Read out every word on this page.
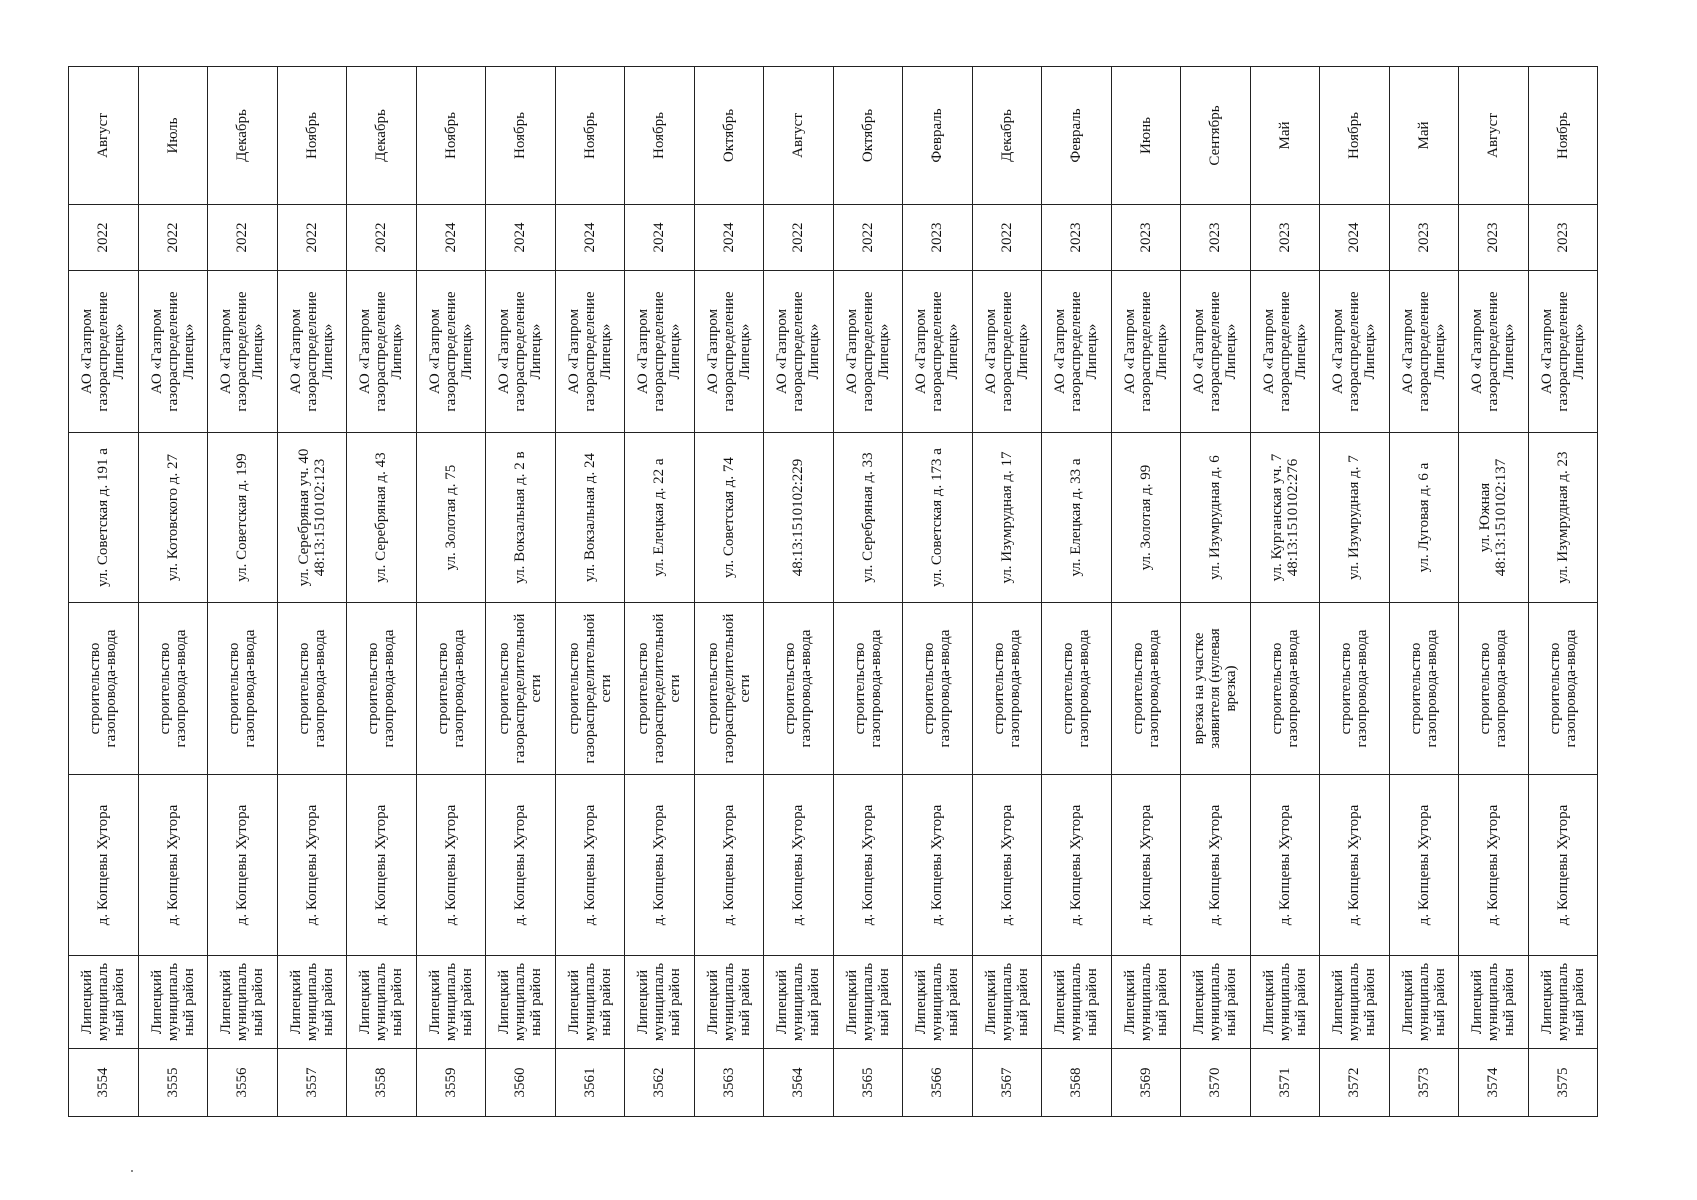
3554	Липецкий муниципальный район	д. Копцевы Хутора	строительство газопровода-ввода	ул. Советская д. 191 а	АО «Газпром газораспределение Липецк»	2022	Август
3555	Липецкий муниципальный район	д. Копцевы Хутора	строительство газопровода-ввода	ул. Котовского д. 27	АО «Газпром газораспределение Липецк»	2022	Июль
3556	Липецкий муниципальный район	д. Копцевы Хутора	строительство газопровода-ввода	ул. Советская д. 199	АО «Газпром газораспределение Липецк»	2022	Декабрь
3557	Липецкий муниципальный район	д. Копцевы Хутора	строительство газопровода-ввода	ул. Серебряная уч. 40 48:13:1510102:123	АО «Газпром газораспределение Липецк»	2022	Ноябрь
3558	Липецкий муниципальный район	д. Копцевы Хутора	строительство газопровода-ввода	ул. Серебряная д. 43	АО «Газпром газораспределение Липецк»	2022	Декабрь
3559	Липецкий муниципальный район	д. Копцевы Хутора	строительство газопровода-ввода	ул. Золотая д. 75	АО «Газпром газораспределение Липецк»	2024	Ноябрь
3560	Липецкий муниципальный район	д. Копцевы Хутора	строительство газораспределительной сети	ул. Вокзальная д. 2 в	АО «Газпром газораспределение Липецк»	2024	Ноябрь
3561	Липецкий муниципальный район	д. Копцевы Хутора	строительство газораспределительной сети	ул. Вокзальная д. 24	АО «Газпром газораспределение Липецк»	2024	Ноябрь
3562	Липецкий муниципальный район	д. Копцевы Хутора	строительство газораспределительной сети	ул. Елецкая д. 22 а	АО «Газпром газораспределение Липецк»	2024	Ноябрь
3563	Липецкий муниципальный район	д. Копцевы Хутора	строительство газораспределительной сети	ул. Советская д. 74	АО «Газпром газораспределение Липецк»	2024	Октябрь
3564	Липецкий муниципальный район	д. Копцевы Хутора	строительство газопровода-ввода	48:13:1510102:229	АО «Газпром газораспределение Липецк»	2022	Август
3565	Липецкий муниципальный район	д. Копцевы Хутора	строительство газопровода-ввода	ул. Серебряная д. 33	АО «Газпром газораспределение Липецк»	2022	Октябрь
3566	Липецкий муниципальный район	д. Копцевы Хутора	строительство газопровода-ввода	ул. Советская д. 173 а	АО «Газпром газораспределение Липецк»	2023	Февраль
3567	Липецкий муниципальный район	д. Копцевы Хутора	строительство газопровода-ввода	ул. Изумрудная д. 17	АО «Газпром газораспределение Липецк»	2022	Декабрь
3568	Липецкий муниципальный район	д. Копцевы Хутора	строительство газопровода-ввода	ул. Елецкая д. 33 а	АО «Газпром газораспределение Липецк»	2023	Февраль
3569	Липецкий муниципальный район	д. Копцевы Хутора	строительство газопровода-ввода	ул. Золотая д. 99	АО «Газпром газораспределение Липецк»	2023	Июнь
3570	Липецкий муниципальный район	д. Копцевы Хутора	врезка на участке заявителя (нулевая врезка)	ул. Изумрудная д. 6	АО «Газпром газораспределение Липецк»	2023	Сентябрь
3571	Липецкий муниципальный район	д. Копцевы Хутора	строительство газопровода-ввода	ул. Курганская уч. 7 48:13:1510102:276	АО «Газпром газораспределение Липецк»	2023	Май
3572	Липецкий муниципальный район	д. Копцевы Хутора	строительство газопровода-ввода	ул. Изумрудная д. 7	АО «Газпром газораспределение Липецк»	2024	Ноябрь
3573	Липецкий муниципальный район	д. Копцевы Хутора	строительство газопровода-ввода	ул. Луговая д. 6 а	АО «Газпром газораспределение Липецк»	2023	Май
3574	Липецкий муниципальный район	д. Копцевы Хутора	строительство газопровода-ввода	ул. Южная 48:13:1510102:137	АО «Газпром газораспределение Липецк»	2023	Август
3575	Липецкий муниципальный район	д. Копцевы Хутора	строительство газопровода-ввода	ул. Изумрудная д. 23	АО «Газпром газораспределение Липецк»	2023	Ноябрь
